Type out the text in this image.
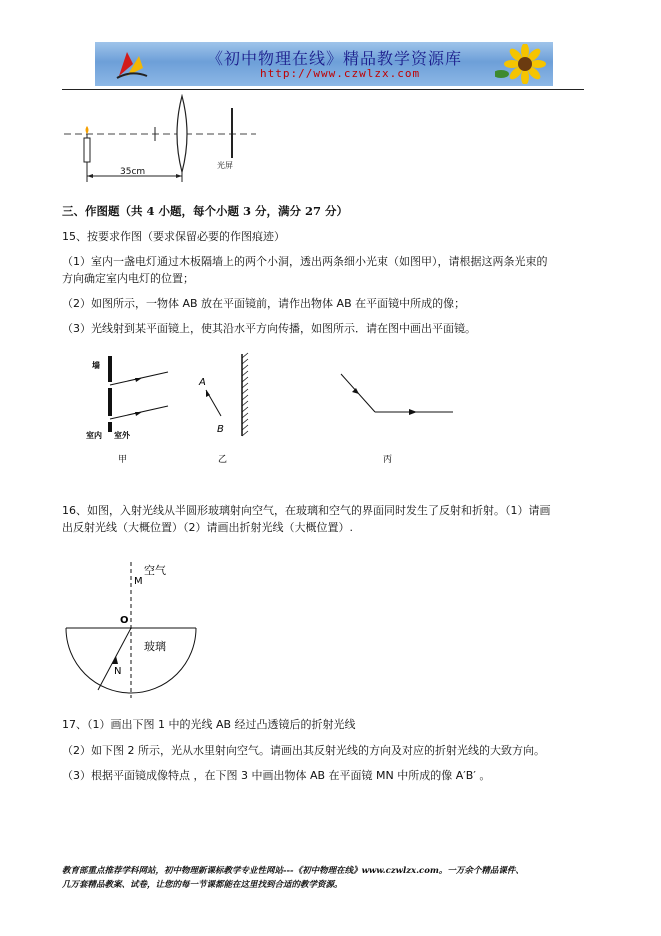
《初中物理在线》精品教学资源库
http://www.czwlzx.com
35cm
光屏
三、作图题（共 4 小题，每个小题 3 分，满分 27 分）
15、按要求作图（要求保留必要的作图痕迹）
（1）室内一盏电灯通过木板隔墙上的两个小洞，透出两条细小光束（如图甲），请根据这两条光束的
方向确定室内电灯的位置；
（2）如图所示，一物体 AB 放在平面镜前，请作出物体 AB 在平面镜中所成的像；
（3）光线射到某平面镜上，使其沿水平方向传播，如图所示．请在图中画出平面镜。
墙
室内 室外
甲
A
B
乙	丙
16、如图，入射光线从半圆形玻璃射向空气，在玻璃和空气的界面同时发生了反射和折射。（1）请画
出反射光线（大概位置）（2）请画出折射光线（大概位置）.
空气
M
O
玻璃
N
17、（1）画出下图 1 中的光线 AB 经过凸透镜后的折射光线
（2）如下图 2 所示，光从水里射向空气。请画出其反射光线的方向及对应的折射光线的大致方向。
（3）根据平面镜成像特点 ，在下图 3 中画出物体 AB 在平面镜 MN 中所成的像 A′B′ 。
教育部重点推荐学科网站，初中物理新课标教学专业性网站---《初中物理在线》www.czwlzx.com。一万余个精品课件、
几万套精品教案、试卷，让您的每一节课都能在这里找到合适的教学资源。
